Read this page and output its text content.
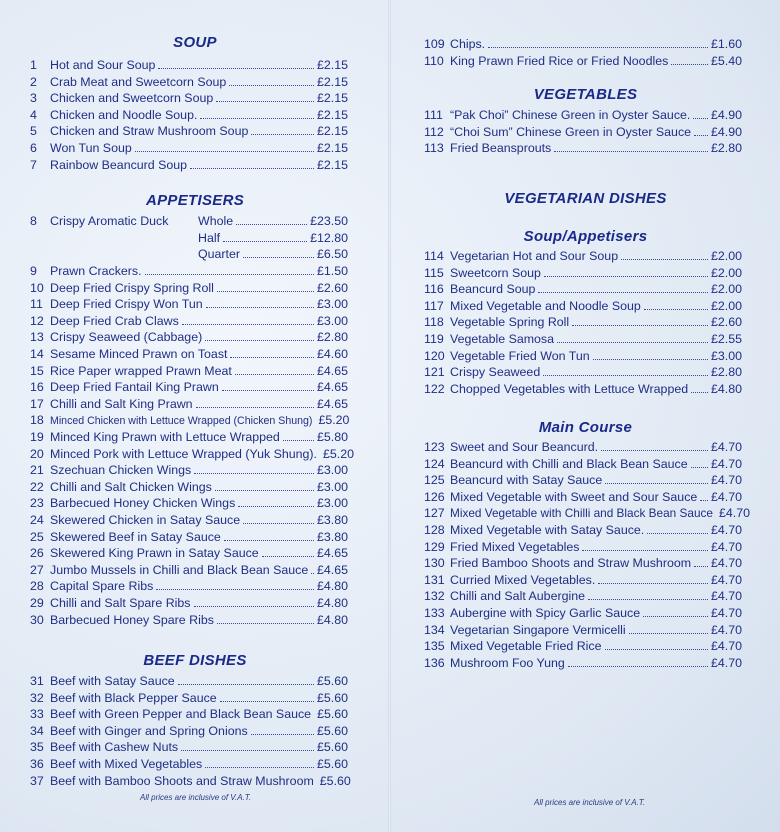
SOUP
1	Hot and Sour Soup	£2.15
2	Crab Meat and Sweetcorn Soup	£2.15
3	Chicken and Sweetcorn Soup	£2.15
4	Chicken and Noodle Soup.	£2.15
5	Chicken and Straw Mushroom Soup	£2.15
6	Won Tun Soup	£2.15
7	Rainbow Beancurd Soup	£2.15
APPETISERS
8 Crispy Aromatic Duck Whole	£23.50
Half	£12.80
Quarter	£6.50
9	Prawn Crackers.	£1.50
10 Deep Fried Crispy Spring Roll	£2.60
11 Deep Fried Crispy Won Tun	£3.00
12 Deep Fried Crab Claws	£3.00
13 Crispy Seaweed (Cabbage)	£2.80
14 Sesame Minced Prawn on Toast	£4.60
15 Rice Paper wrapped Prawn Meat	£4.65
16 Deep Fried Fantail King Prawn	£4.65
17 Chilli and Salt King Prawn	£4.65
18 Minced Chicken with Lettuce Wrapped (Chicken Shung) £5.20
19 Minced King Prawn with Lettuce Wrapped	£5.80
20 Minced Pork with Lettuce Wrapped (Yuk Shung). £5.20
21 Szechuan Chicken Wings	£3.00
22 Chilli and Salt Chicken Wings	£3.00
23 Barbecued Honey Chicken Wings	£3.00
24 Skewered Chicken in Satay Sauce	£3.80
25 Skewered Beef in Satay Sauce	£3.80
26 Skewered King Prawn in Satay Sauce	£4.65
27 Jumbo Mussels in Chilli and Black Bean Sauce £4.65
28 Capital Spare Ribs	£4.80
29 Chilli and Salt Spare Ribs	£4.80
30 Barbecued Honey Spare Ribs	£4.80
BEEF DISHES
31 Beef with Satay Sauce	£5.60
32 Beef with Black Pepper Sauce	£5.60
33 Beef with Green Pepper and Black Bean Sauce £5.60
34 Beef with Ginger and Spring Onions	£5.60
35 Beef with Cashew Nuts	£5.60
36 Beef with Mixed Vegetables	£5.60
37 Beef with Bamboo Shoots and Straw Mushroom £5.60
All prices are inclusive of V.A.T.
109 Chips.	£1.60
110 King Prawn Fried Rice or Fried Noodles	£5.40
VEGETABLES
111 “Pak Choi” Chinese Green in Oyster Sauce. £4.90
112 “Choi Sum” Chinese Green in Oyster Sauce £4.90
113 Fried Beansprouts	£2.80
VEGETARIAN DISHES
Soup/Appetisers
114 Vegetarian Hot and Sour Soup	£2.00
115 Sweetcorn Soup	£2.00
116 Beancurd Soup	£2.00
117 Mixed Vegetable and Noodle Soup	£2.00
118 Vegetable Spring Roll	£2.60
119 Vegetable Samosa	£2.55
120 Vegetable Fried Won Tun	£3.00
121 Crispy Seaweed	£2.80
122 Chopped Vegetables with Lettuce Wrapped £4.80
Main Course
123 Sweet and Sour Beancurd.	£4.70
124 Beancurd with Chilli and Black Bean Sauce £4.70
125 Beancurd with Satay Sauce	£4.70
126 Mixed Vegetable with Sweet and Sour Sauce £4.70
127 Mixed Vegetable with Chilli and Black Bean Sauce £4.70
128 Mixed Vegetable with Satay Sauce.	£4.70
129 Fried Mixed Vegetables	£4.70
130 Fried Bamboo Shoots and Straw Mushroom £4.70
131 Curried Mixed Vegetables.	£4.70
132 Chilli and Salt Aubergine	£4.70
133 Aubergine with Spicy Garlic Sauce	£4.70
134 Vegetarian Singapore Vermicelli	£4.70
135 Mixed Vegetable Fried Rice	£4.70
136 Mushroom Foo Yung	£4.70
All prices are inclusive of V.A.T.
